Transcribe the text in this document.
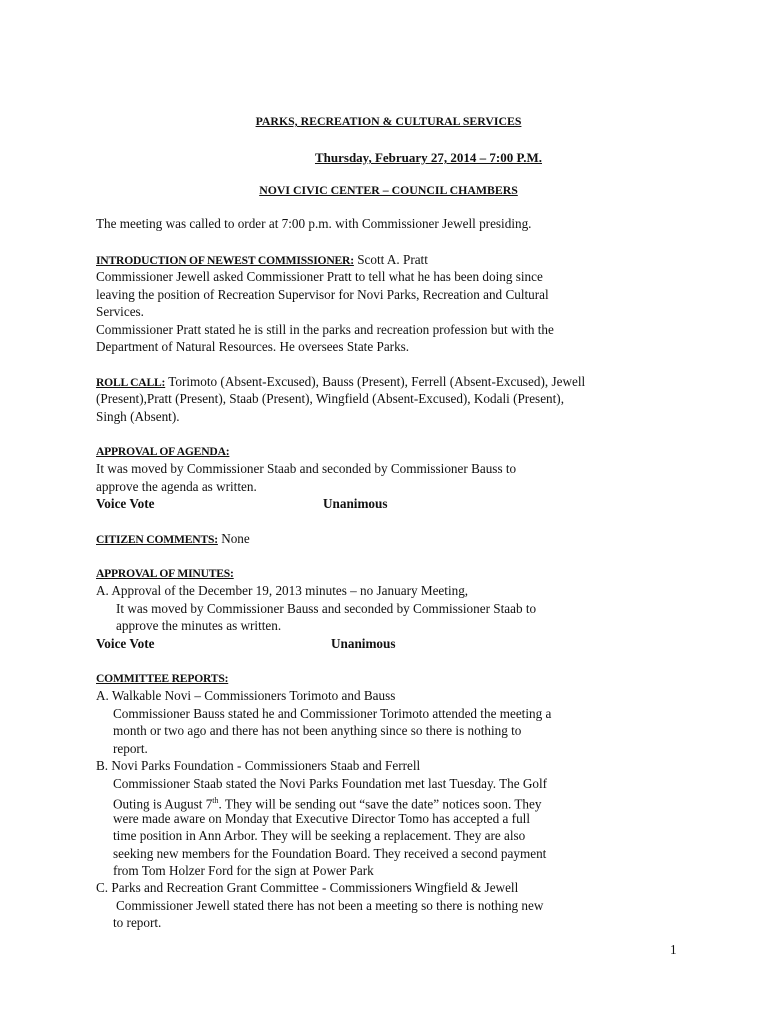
PARKS, RECREATION & CULTURAL SERVICES
Thursday, February 27, 2014 – 7:00 P.M.
NOVI CIVIC CENTER – COUNCIL CHAMBERS
The meeting was called to order at 7:00 p.m. with Commissioner Jewell presiding.
INTRODUCTION OF NEWEST COMMISSIONER: Scott A. Pratt
Commissioner Jewell asked Commissioner Pratt to tell what he has been doing since
leaving the position of Recreation Supervisor for Novi Parks, Recreation and Cultural
Services.
Commissioner Pratt stated he is still in the parks and recreation profession but with the
Department of Natural Resources. He oversees State Parks.
ROLL CALL: Torimoto (Absent-Excused), Bauss (Present), Ferrell (Absent-Excused), Jewell
(Present),Pratt (Present), Staab (Present), Wingfield (Absent-Excused), Kodali (Present),
Singh (Absent).
APPROVAL OF AGENDA:
It was moved by Commissioner Staab and seconded by Commissioner Bauss to
approve the agenda as written.
Voice Vote	Unanimous
CITIZEN COMMENTS: None
APPROVAL OF MINUTES:
A. Approval of the December 19, 2013 minutes – no January Meeting,
It was moved by Commissioner Bauss and seconded by Commissioner Staab to
approve the minutes as written.
Voice Vote	Unanimous
COMMITTEE REPORTS:
A. Walkable Novi – Commissioners Torimoto and Bauss
Commissioner Bauss stated he and Commissioner Torimoto attended the meeting a
month or two ago and there has not been anything since so there is nothing to
report.
B. Novi Parks Foundation - Commissioners Staab and Ferrell
Commissioner Staab stated the Novi Parks Foundation met last Tuesday. The Golf
Outing is August 7th. They will be sending out “save the date” notices soon. They
were made aware on Monday that Executive Director Tomo has accepted a full
time position in Ann Arbor. They will be seeking a replacement. They are also
seeking new members for the Foundation Board. They received a second payment
from Tom Holzer Ford for the sign at Power Park
C. Parks and Recreation Grant Committee - Commissioners Wingfield & Jewell
Commissioner Jewell stated there has not been a meeting so there is nothing new
to report.
1
